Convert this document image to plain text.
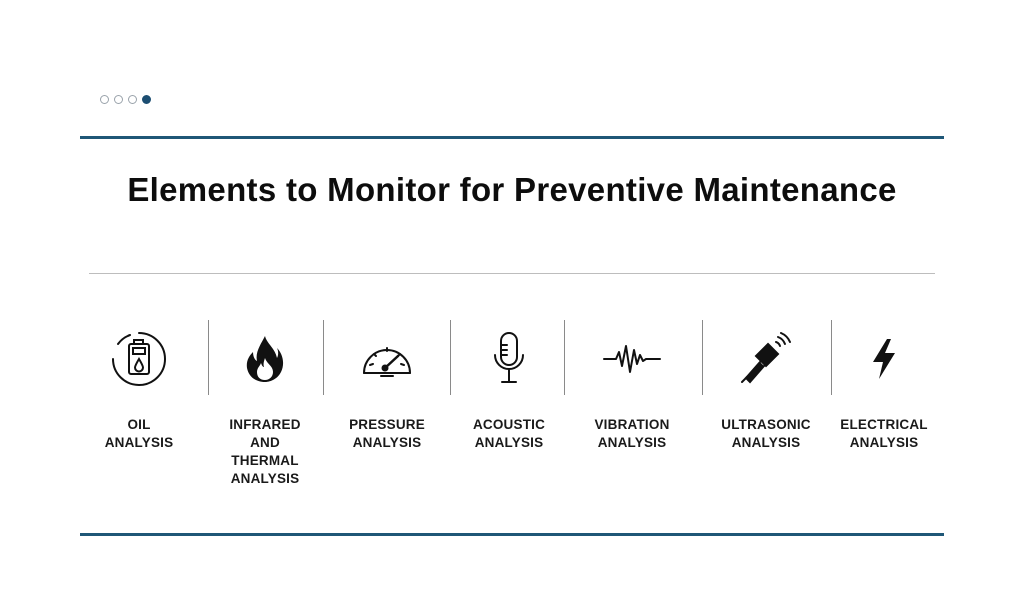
Elements to Monitor for Preventive Maintenance
OIL ANALYSIS
INFRARED AND THERMAL ANALYSIS
PRESSURE ANALYSIS
ACOUSTIC ANALYSIS
VIBRATION ANALYSIS
ULTRASONIC ANALYSIS
ELECTRICAL ANALYSIS
